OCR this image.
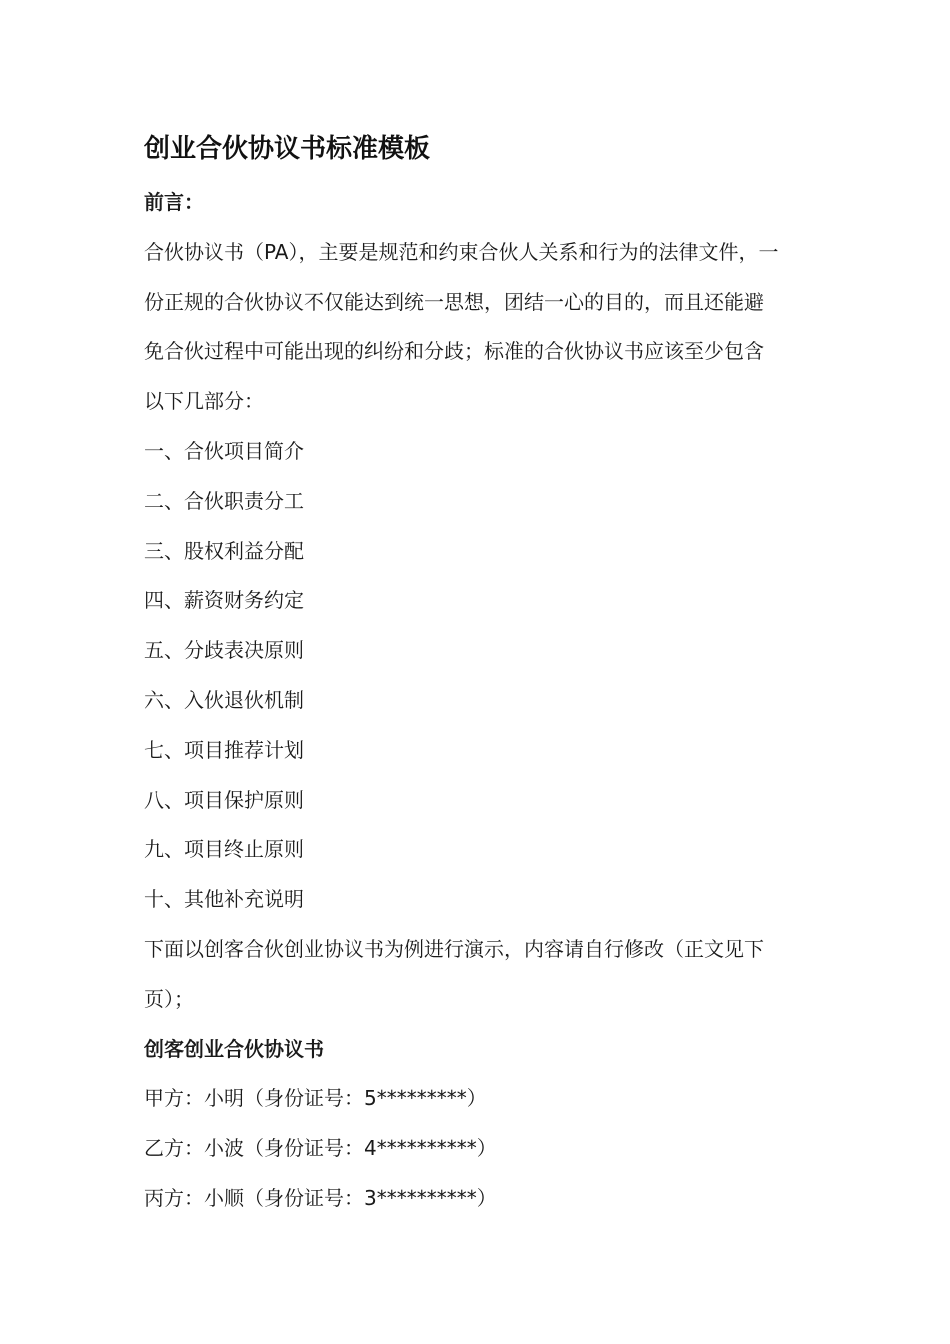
创业合伙协议书标准模板

前言：

合伙协议书（PA），主要是规范和约束合伙人关系和行为的法律文件，一
份正规的合伙协议不仅能达到统一思想，团结一心的目的，而且还能避
免合伙过程中可能出现的纠纷和分歧；标准的合伙协议书应该至少包含
以下几部分：

一、合伙项目简介

二、合伙职责分工

三、股权利益分配

四、薪资财务约定

五、分歧表决原则

六、入伙退伙机制

七、项目推荐计划

八、项目保护原则

九、项目终止原则

十、其他补充说明

下面以创客合伙创业协议书为例进行演示，内容请自行修改（正文见下
页）；

创客创业合伙协议书

甲方：小明（身份证号：5*********）

乙方：小波（身份证号：4**********）

丙方：小顺（身份证号：3**********）
